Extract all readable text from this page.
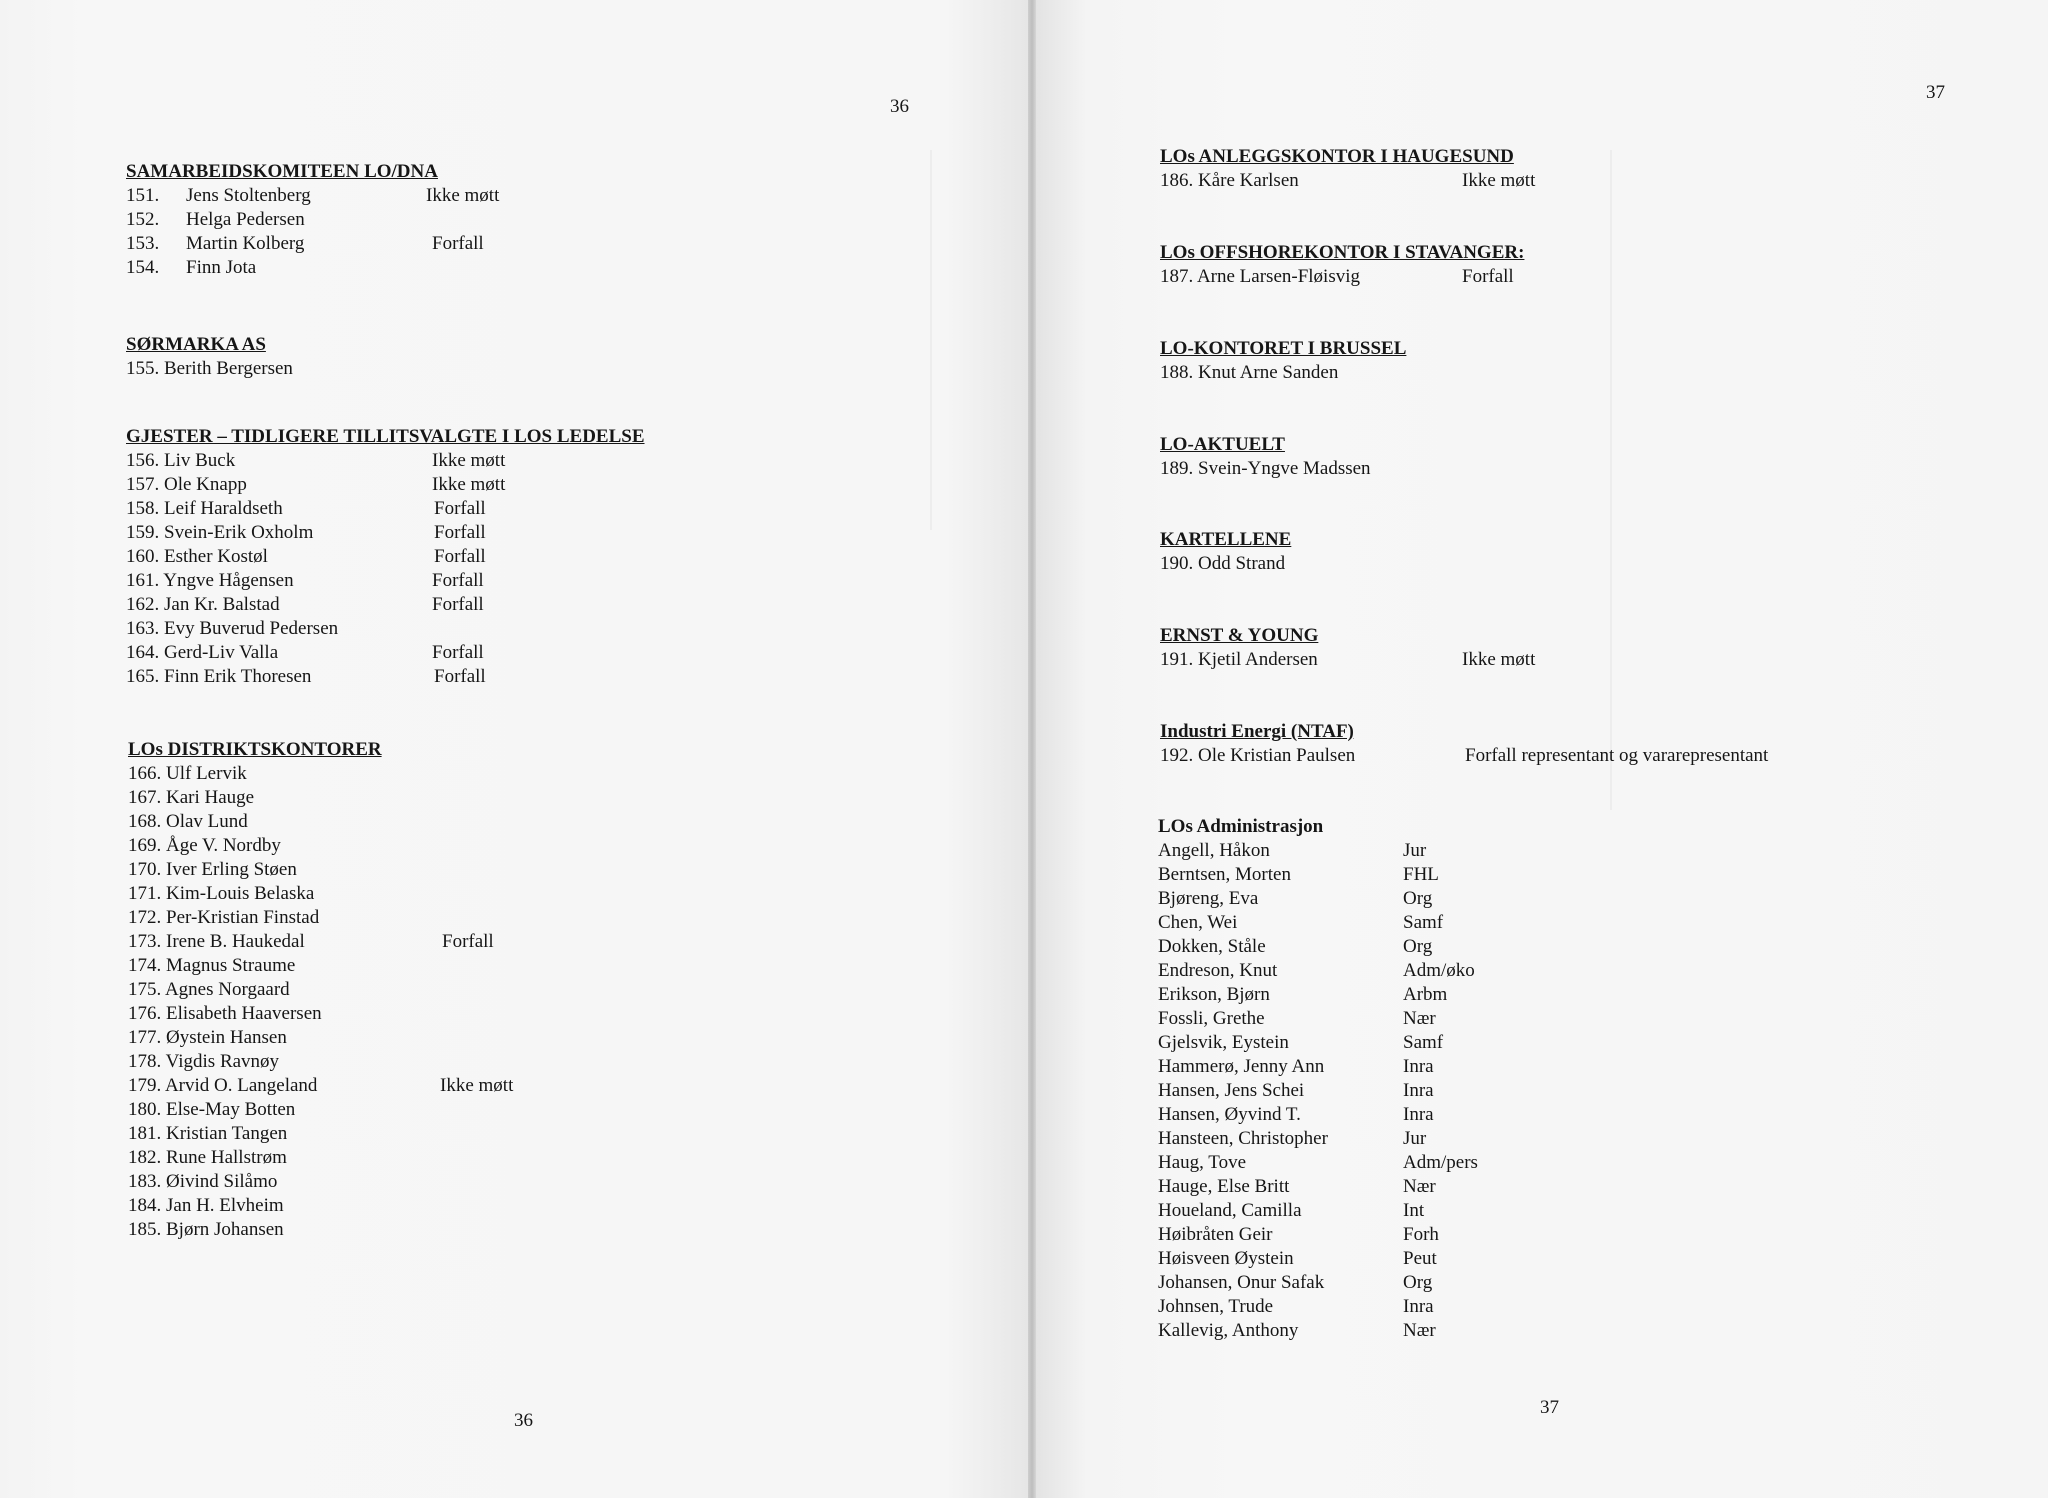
36
SAMARBEIDSKOMITEEN LO/DNA
151. Jens Stoltenberg	Ikke møtt
152. Helga Pedersen
153. Martin Kolberg	Forfall
154. Finn Jota
SØRMARKA AS
155. Berith Bergersen
GJESTER – TIDLIGERE TILLITSVALGTE I LOS LEDELSE
156. Liv Buck	Ikke møtt
157. Ole Knapp	Ikke møtt
158. Leif Haraldseth	Forfall
159. Svein-Erik Oxholm	Forfall
160. Esther Kostøl	Forfall
161. Yngve Hågensen	Forfall
162. Jan Kr. Balstad	Forfall
163. Evy Buverud Pedersen
164. Gerd-Liv Valla	Forfall
165. Finn Erik Thoresen	Forfall
LOs DISTRIKTSKONTORER
166. Ulf Lervik
167. Kari Hauge
168. Olav Lund
169. Åge V. Nordby
170. Iver Erling Støen
171. Kim-Louis Belaska
172. Per-Kristian Finstad
173. Irene B. Haukedal	Forfall
174. Magnus Straume
175. Agnes Norgaard
176. Elisabeth Haaversen
177. Øystein Hansen
178. Vigdis Ravnøy
179. Arvid O. Langeland	Ikke møtt
180. Else-May Botten
181. Kristian Tangen
182. Rune Hallstrøm
183. Øivind Silåmo
184. Jan H. Elvheim
185. Bjørn Johansen
36
37
LOs ANLEGGSKONTOR I HAUGESUND
186. Kåre Karlsen	Ikke møtt
LOs OFFSHOREKONTOR I STAVANGER:
187. Arne Larsen-Fløisvig	Forfall
LO-KONTORET I BRUSSEL
188. Knut Arne Sanden
LO-AKTUELT
189. Svein-Yngve Madssen
KARTELLENE
190. Odd Strand
ERNST & YOUNG
191. Kjetil Andersen	Ikke møtt
Industri Energi (NTAF)
192. Ole Kristian Paulsen	Forfall representant og vararepresentant
LOs Administrasjon
Angell, Håkon	Jur
Berntsen, Morten	FHL
Bjøreng, Eva	Org
Chen, Wei	Samf
Dokken, Ståle	Org
Endreson, Knut	Adm/øko
Erikson, Bjørn	Arbm
Fossli, Grethe	Nær
Gjelsvik, Eystein	Samf
Hammerø, Jenny Ann	Inra
Hansen, Jens Schei	Inra
Hansen, Øyvind T.	Inra
Hansteen, Christopher	Jur
Haug, Tove	Adm/pers
Hauge, Else Britt	Nær
Houeland, Camilla	Int
Høibråten Geir	Forh
Høisveen Øystein	Peut
Johansen, Onur Safak	Org
Johnsen, Trude	Inra
Kallevig, Anthony	Nær
37
